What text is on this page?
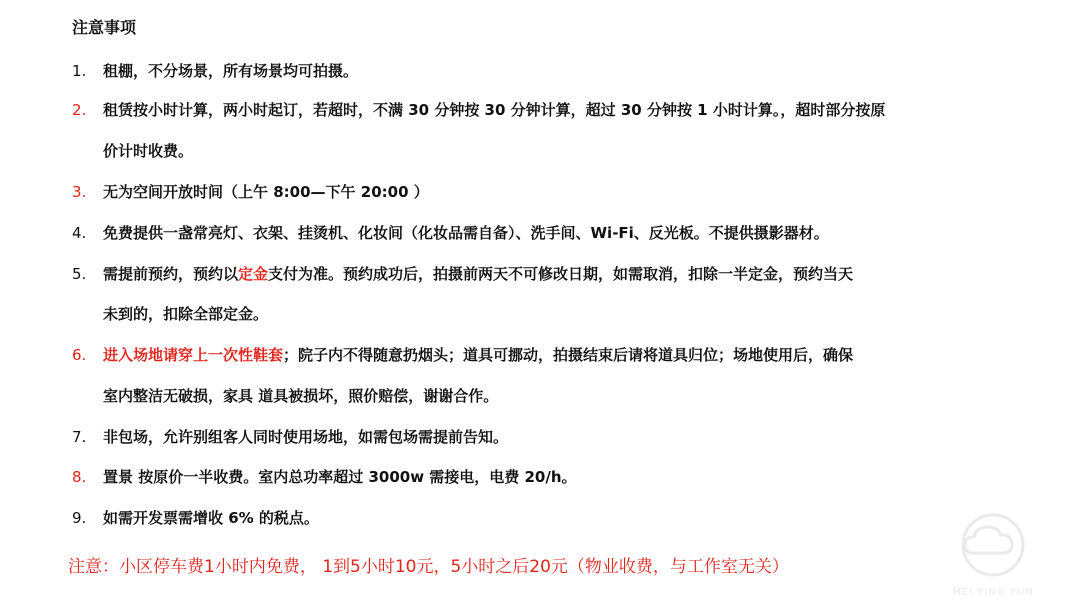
注意事项
1. 租棚，不分场景，所有场景均可拍摄。
2. 租赁按小时计算，两小时起订，若超时，不满 30 分钟按 30 分钟计算，超过 30 分钟按 1 小时计算。，超时部分按原
价计时收费。
3. 无为空间开放时间（上午 8:00—下午 20:00 ）
4. 免费提供一盏常亮灯、衣架、挂烫机、化妆间（化妆品需自备）、洗手间、Wi-Fi、反光板。不提供摄影器材。
5. 需提前预约，预约以定金支付为准。预约成功后，拍摄前两天不可修改日期，如需取消，扣除一半定金，预约当天
未到的，扣除全部定金。
6. 进入场地请穿上一次性鞋套；院子内不得随意扔烟头；道具可挪动，拍摄结束后请将道具归位；场地使用后，确保
室内整洁无破损，家具 道具被损坏，照价赔偿，谢谢合作。
7. 非包场，允许别组客人同时使用场地，如需包场需提前告知。
8. 置景 按原价一半收费。室内总功率超过 3000w 需接电，电费 20/h。
9. 如需开发票需增收 6% 的税点。
注意：小区停车费1小时内免费， 1到5小时10元，5小时之后20元（物业收费，与工作室无关）
MEI YING YUN
